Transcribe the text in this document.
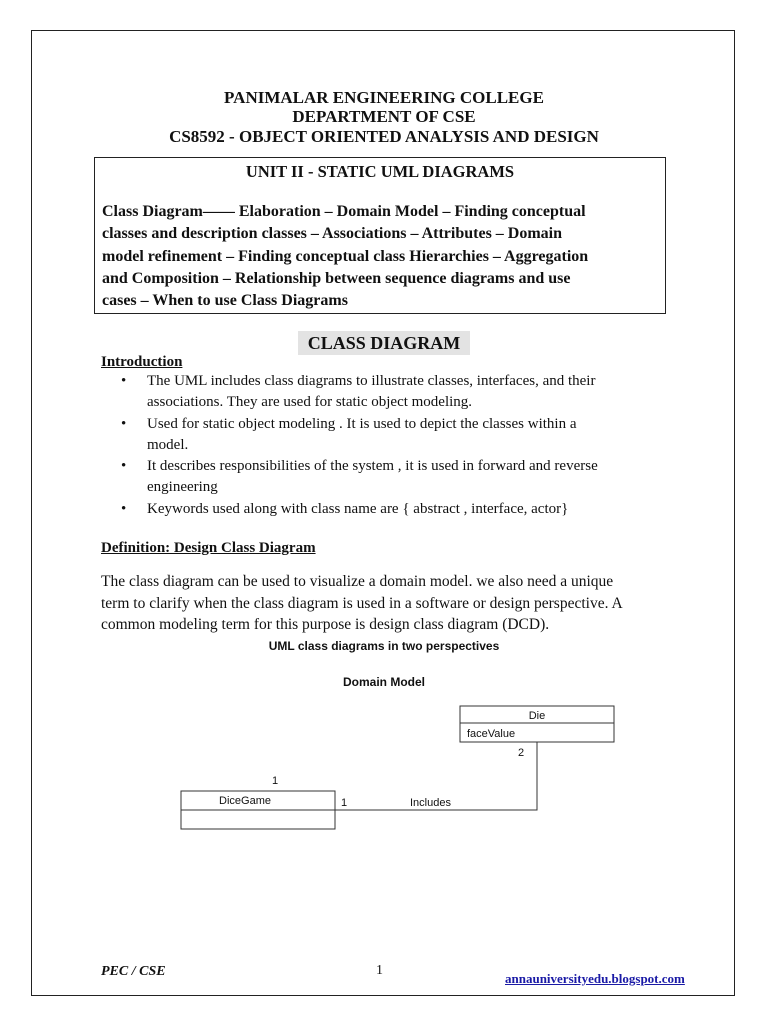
PANIMALAR ENGINEERING COLLEGE
DEPARTMENT OF CSE
CS8592 - OBJECT ORIENTED ANALYSIS AND DESIGN
UNIT II - STATIC UML DIAGRAMS
Class Diagram—— Elaboration – Domain Model – Finding conceptual
classes and description classes – Associations – Attributes – Domain
model refinement – Finding conceptual class Hierarchies – Aggregation
and Composition – Relationship between sequence diagrams and use
cases – When to use Class Diagrams
CLASS DIAGRAM
Introduction
• The UML includes class diagrams to illustrate classes, interfaces, and their
associations. They are used for static object modeling.
• Used for static object modeling . It is used to depict the classes within a
model.
• It describes responsibilities of the system , it is used in forward and reverse
engineering
• Keywords used along with class name are { abstract , interface, actor}
Definition: Design Class Diagram
The class diagram can be used to visualize a domain model. we also need a unique
term to clarify when the class diagram is used in a software or design perspective. A
common modeling term for this purpose is design class diagram (DCD).
UML class diagrams in two perspectives
Domain Model
Die
faceValue
DiceGame	Includes
1
2
1
PEC / CSE	1
annauniversityedu.blogspot.com
